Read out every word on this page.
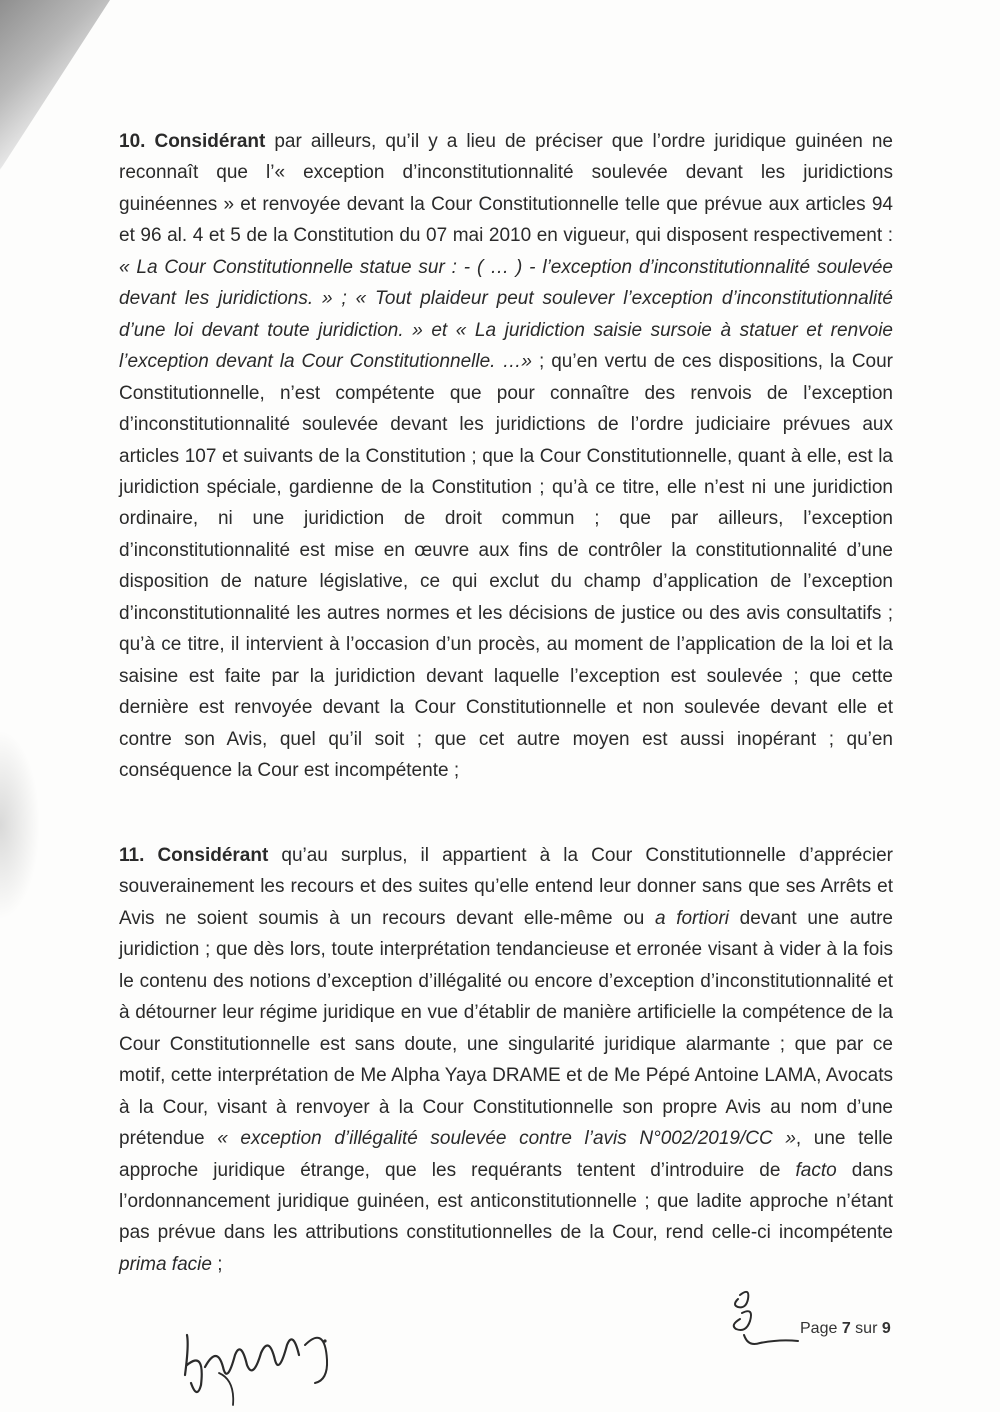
10. Considérant par ailleurs, qu’il y a lieu de préciser que l’ordre juridique guinéen ne reconnaît que l’« exception d’inconstitutionnalité soulevée devant les juridictions guinéennes » et renvoyée devant la Cour Constitutionnelle telle que prévue aux articles 94 et 96 al. 4 et 5 de la Constitution du 07 mai 2010 en vigueur, qui disposent respectivement : « La Cour Constitutionnelle statue sur : - ( … ) - l’exception d’inconstitutionnalité soulevée devant les juridictions. » ; « Tout plaideur peut soulever l’exception d’inconstitutionnalité d’une loi devant toute juridiction. » et « La juridiction saisie sursoie à statuer et renvoie l’exception devant la Cour Constitutionnelle. …» ; qu’en vertu de ces dispositions, la Cour Constitutionnelle, n’est compétente que pour connaître des renvois de l’exception d’inconstitutionnalité soulevée devant les juridictions de l’ordre judiciaire prévues aux articles 107 et suivants de la Constitution ; que la Cour Constitutionnelle, quant à elle, est la juridiction spéciale, gardienne de la Constitution ; qu’à ce titre, elle n’est ni une juridiction ordinaire, ni une juridiction de droit commun ; que par ailleurs, l’exception d’inconstitutionnalité est mise en œuvre aux fins de contrôler la constitutionnalité d’une disposition de nature législative, ce qui exclut du champ d’application de l’exception d’inconstitutionnalité les autres normes et les décisions de justice ou des avis consultatifs ; qu’à ce titre, il intervient à l’occasion d’un procès, au moment de l’application de la loi et la saisine est faite par la juridiction devant laquelle l’exception est soulevée ; que cette dernière est renvoyée devant la Cour Constitutionnelle et non soulevée devant elle et contre son Avis, quel qu’il soit ; que cet autre moyen est aussi inopérant ; qu’en conséquence la Cour est incompétente ;

11. Considérant qu’au surplus, il appartient à la Cour Constitutionnelle d’apprécier souverainement les recours et des suites qu’elle entend leur donner sans que ses Arrêts et Avis ne soient soumis à un recours devant elle-même ou a fortiori devant une autre juridiction ; que dès lors, toute interprétation tendancieuse et erronée visant à vider à la fois le contenu des notions d’exception d’illégalité ou encore d’exception d’inconstitutionnalité et à détourner leur régime juridique en vue d’établir de manière artificielle la compétence de la Cour Constitutionnelle est sans doute, une singularité juridique alarmante ; que par ce motif, cette interprétation de Me Alpha Yaya DRAME et de Me Pépé Antoine LAMA, Avocats à la Cour, visant à renvoyer à la Cour Constitutionnelle son propre Avis au nom d’une prétendue « exception d’illégalité soulevée contre l’avis N°002/2019/CC », une telle approche juridique étrange, que les requérants tentent d’introduire de facto dans l’ordonnancement juridique guinéen, est anticonstitutionnelle ; que ladite approche n’étant pas prévue dans les attributions constitutionnelles de la Cour, rend celle-ci incompétente prima facie ;

Page 7 sur 9
